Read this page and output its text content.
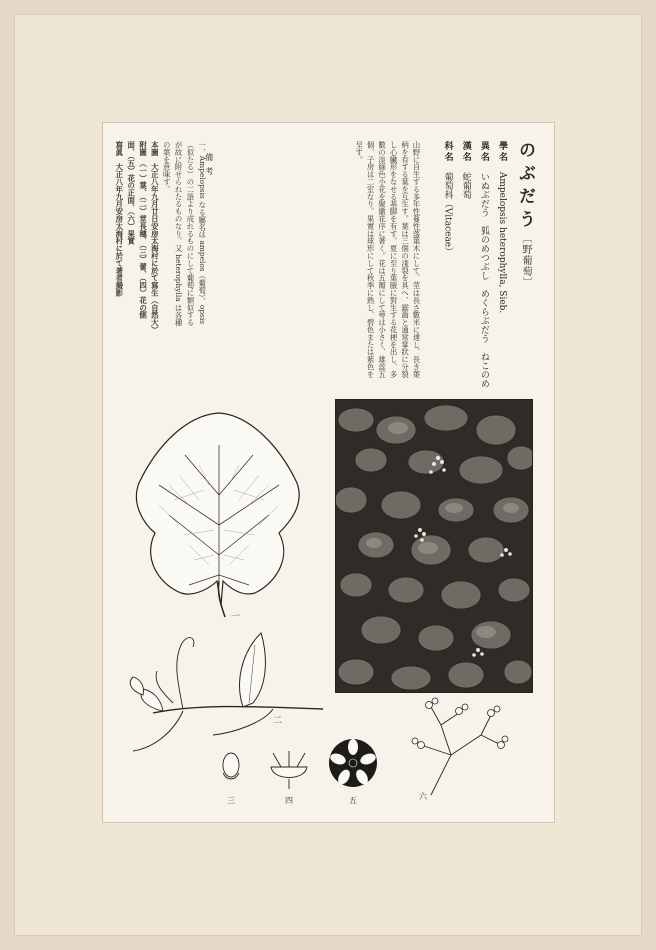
のぶだう〔野葡萄〕
學名 Ampelopsis heterophylla, Sieb.
異名 いぬぶだう　狐のめつぶし　めくらぶだう　ねこのめ
漢名 蛇葡萄
科名 葡萄科（Vitaceae）
山野に自生する多年性蔓性落葉木にして、莖は長さ數米に達し、長き葉柄を有する葉を互生す。葉は三個の淺裂を具へ、鋸齒と通常掌狀に分裂し心臟形をなせる基脚を有す。夏に至り葉腋に對生する花梗を出し、多數の淡綠色小花を聚繖花序に著く。花は五瓣にして萼は小さく、雄蕊五個、子房は二室なり。果實は球形にして秋季に熟し、碧色または紫色を呈す。
備考
一、Ampelopsis なる屬名は ampelos（葡萄）、opsis（似たる）の二語より成れるものにして葡萄に類似するが故に附せられたるものなり。又 heterophylla は各種の葉を意味す。
本圖　大正八年九月廿日安房太海村に於て寫生（自然大）
附圖　（一）葉、（二）莖長穗、（三）蕾、（四）花の側面、（五）花の正面、（六）果實
寫眞　大正八年九月安房太海村に於て著者撮影
一
二
三	四	五	六
